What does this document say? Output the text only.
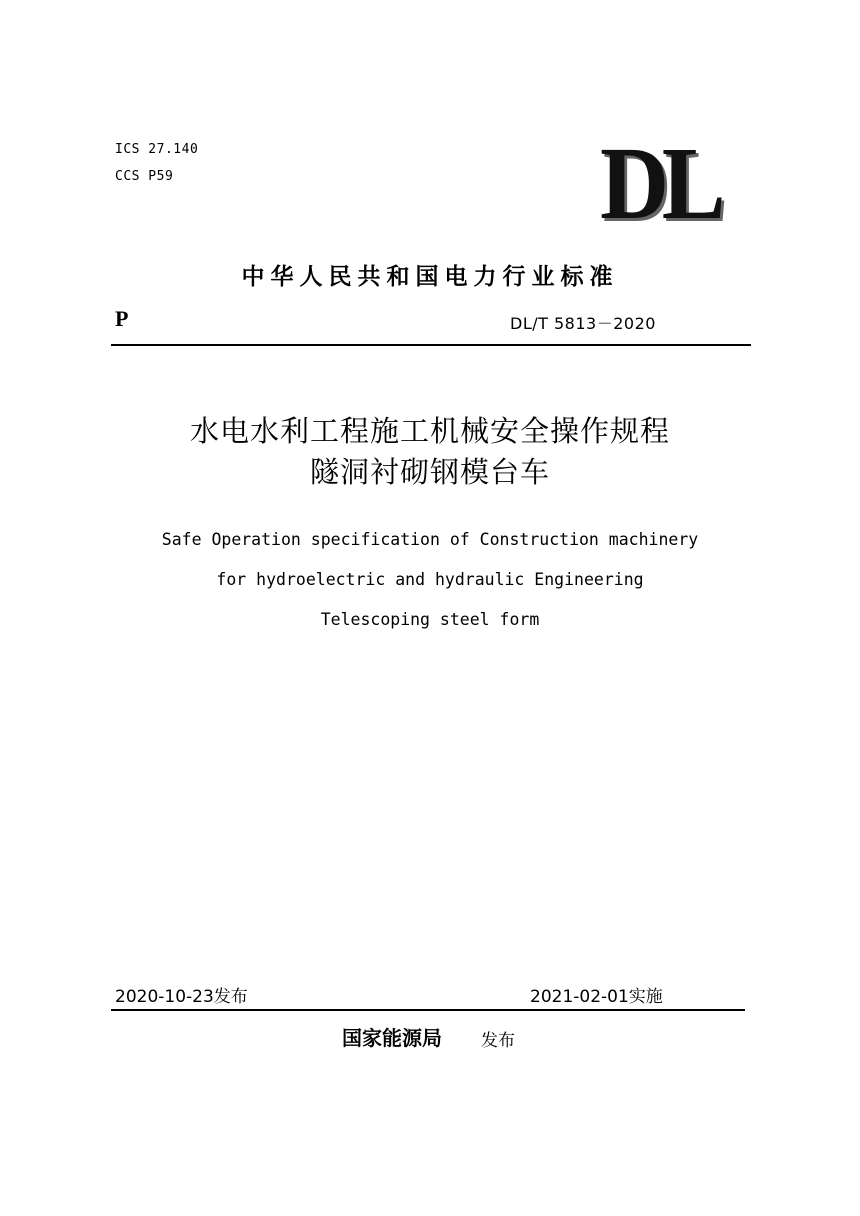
ICS 27.140
CCS P59	DL
中华人民共和国电力行业标准
P	DL/T 5813－2020
水电水利工程施工机械安全操作规程
隧洞衬砌钢模台车
Safe Operation specification of Construction machinery
for hydroelectric and hydraulic Engineering
Telescoping steel form
2020-10-23发布	2021-02-01实施
国家能源局 发布
